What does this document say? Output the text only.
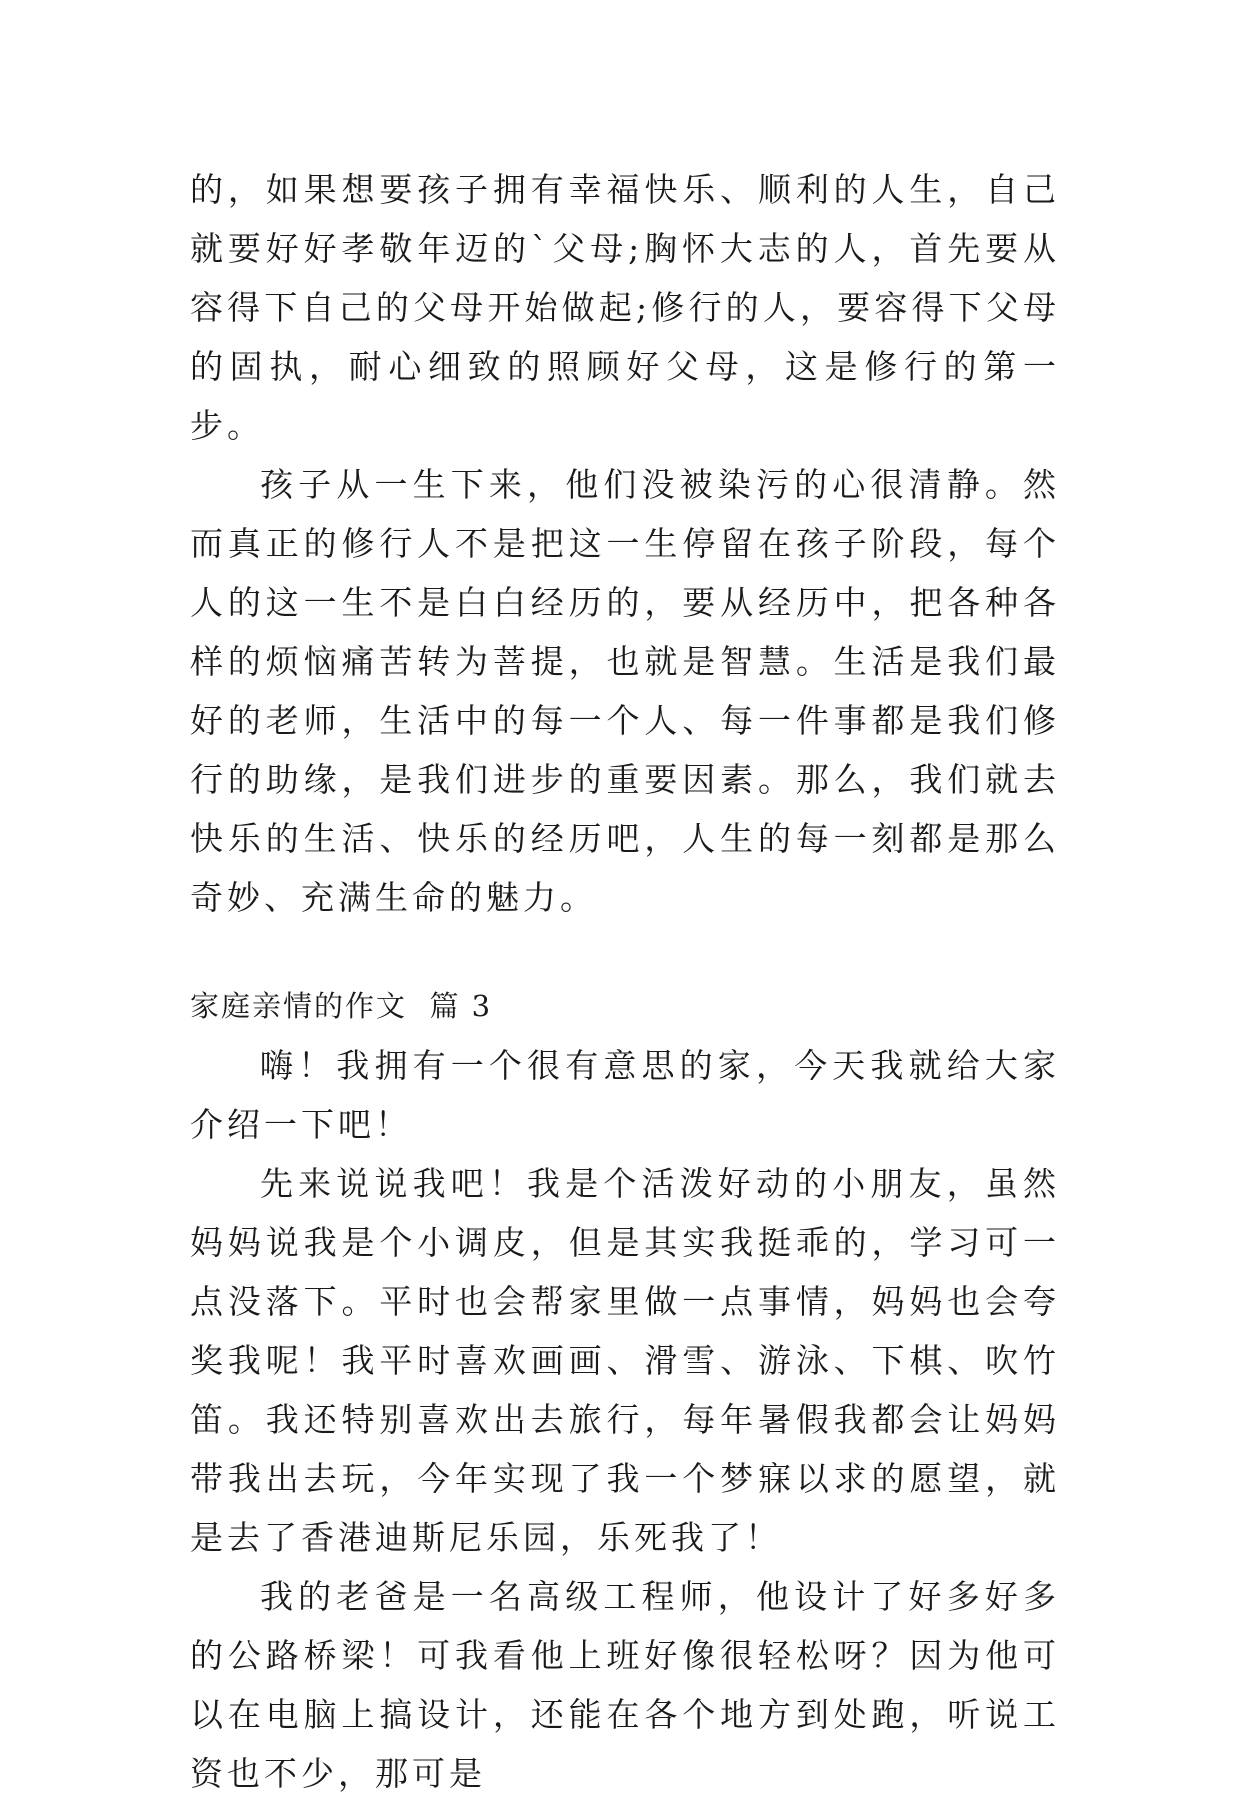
的，如果想要孩子拥有幸福快乐、顺利的人生，自己就要好好孝敬年迈的`父母;胸怀大志的人，首先要从容得下自己的父母开始做起;修行的人，要容得下父母的固执，耐心细致的照顾好父母，这是修行的第一步。

孩子从一生下来，他们没被染污的心很清静。然而真正的修行人不是把这一生停留在孩子阶段，每个人的这一生不是白白经历的，要从经历中，把各种各样的烦恼痛苦转为菩提，也就是智慧。生活是我们最好的老师，生活中的每一个人、每一件事都是我们修行的助缘，是我们进步的重要因素。那么，我们就去快乐的生活、快乐的经历吧，人生的每一刻都是那么奇妙、充满生命的魅力。

家庭亲情的作文 篇 3

嗨！我拥有一个很有意思的家，今天我就给大家介绍一下吧！

先来说说我吧！我是个活泼好动的小朋友，虽然妈妈说我是个小调皮，但是其实我挺乖的，学习可一点没落下。平时也会帮家里做一点事情，妈妈也会夸奖我呢！我平时喜欢画画、滑雪、游泳、下棋、吹竹笛。我还特别喜欢出去旅行，每年暑假我都会让妈妈带我出去玩，今年实现了我一个梦寐以求的愿望，就是去了香港迪斯尼乐园，乐死我了！

我的老爸是一名高级工程师，他设计了好多好多的公路桥梁！可我看他上班好像很轻松呀？因为他可以在电脑上搞设计，还能在各个地方到处跑，听说工资也不少，那可是
